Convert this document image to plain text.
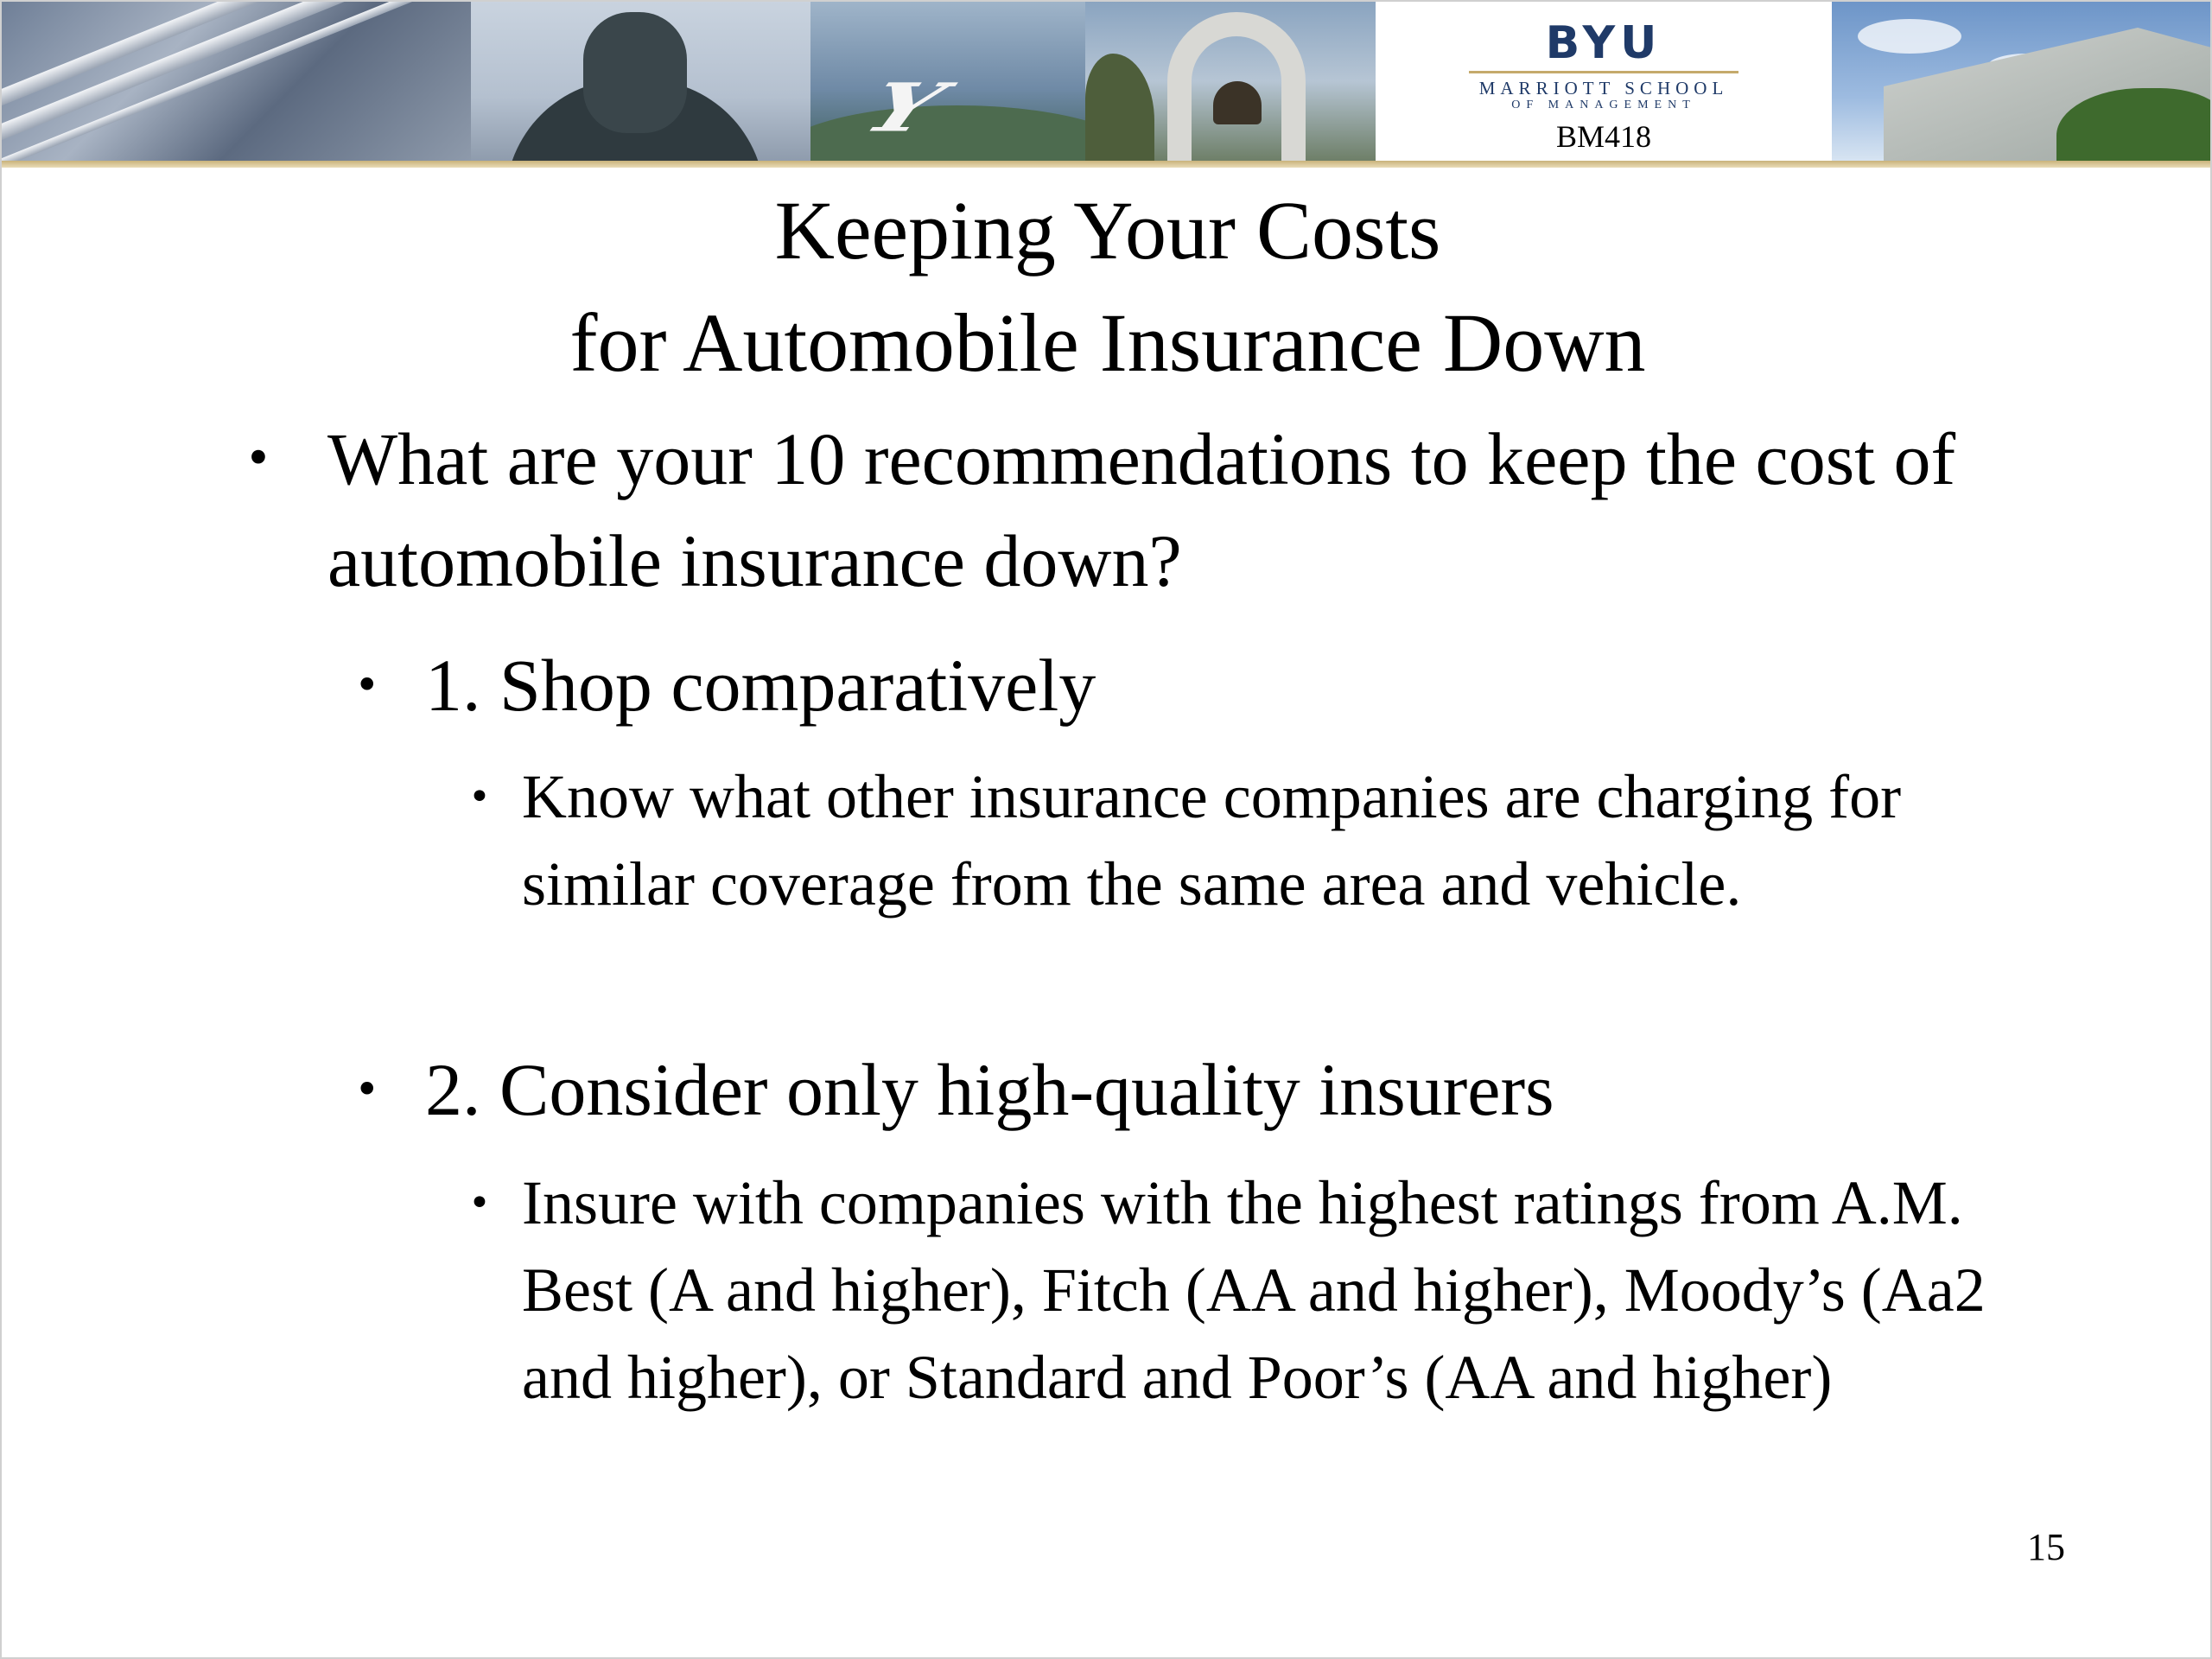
Y
BYU
MARRIOTT SCHOOL
OF MANAGEMENT
BM418
Keeping Your Costs
for Automobile Insurance Down
• What are your 10 recommendations to keep the cost of automobile insurance down?
• 1. Shop comparatively
• Know what other insurance companies are charging for similar coverage from the same area and vehicle.
• 2. Consider only high-quality insurers
• Insure with companies with the highest ratings from A.M. Best (A and higher), Fitch (AA and higher), Moody’s (Aa2 and higher), or Standard and Poor’s (AA and higher)
15
